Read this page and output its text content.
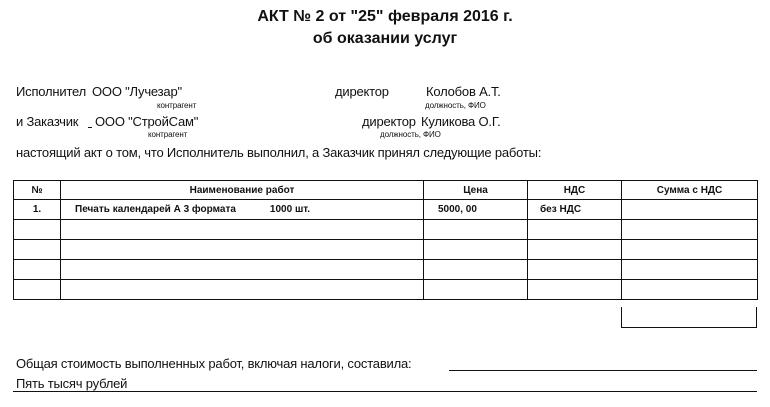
АКТ № 2 от "25" февраля 2016 г.
об оказании услуг
Исполнител ООО "Лучезар"
контрагент
директор	Колобов А.Т.
должность, ФИО
и Заказчик ООО "СтройСам"
контрагент
директор Куликова О.Г.
должность, ФИО
настоящий акт о том, что Исполнитель выполнил, а Заказчик принял следующие работы:
№	Наименование работ	Цена	НДС	Сумма с НДС
1.	Печать календарей А 3 формата 1000 шт.	5000, 00	без НДС	

Общая стоимость выполненных работ, включая налоги, составила:
Пять тысяч рублей
